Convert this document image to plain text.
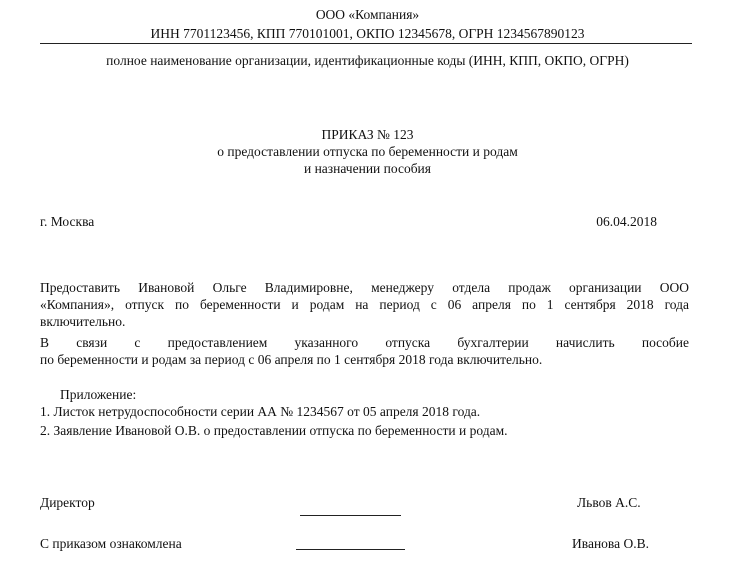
ООО «Компания»
ИНН 7701123456, КПП 770101001, ОКПО 12345678, ОГРН 1234567890123
полное наименование организации, идентификационные коды (ИНН, КПП, ОКПО, ОГРН)
ПРИКАЗ № 123
о предоставлении отпуска по беременности и родам
и назначении пособия
г. Москва	06.04.2018
Предоставить Ивановой Ольге Владимировне, менеджеру отдела продаж организации ООО
«Компания», отпуск по беременности и родам на период с 06 апреля по 1 сентября 2018 года
включительно.
В связи с предоставлением указанного отпуска бухгалтерии начислить пособие
по беременности и родам за период с 06 апреля по 1 сентября 2018 года включительно.
Приложение:
1. Листок нетрудоспособности серии АА № 1234567 от 05 апреля 2018 года.
2. Заявление Ивановой О.В. о предоставлении отпуска по беременности и родам.
Директор	Львов А.С.
С приказом ознакомлена	Иванова О.В.
